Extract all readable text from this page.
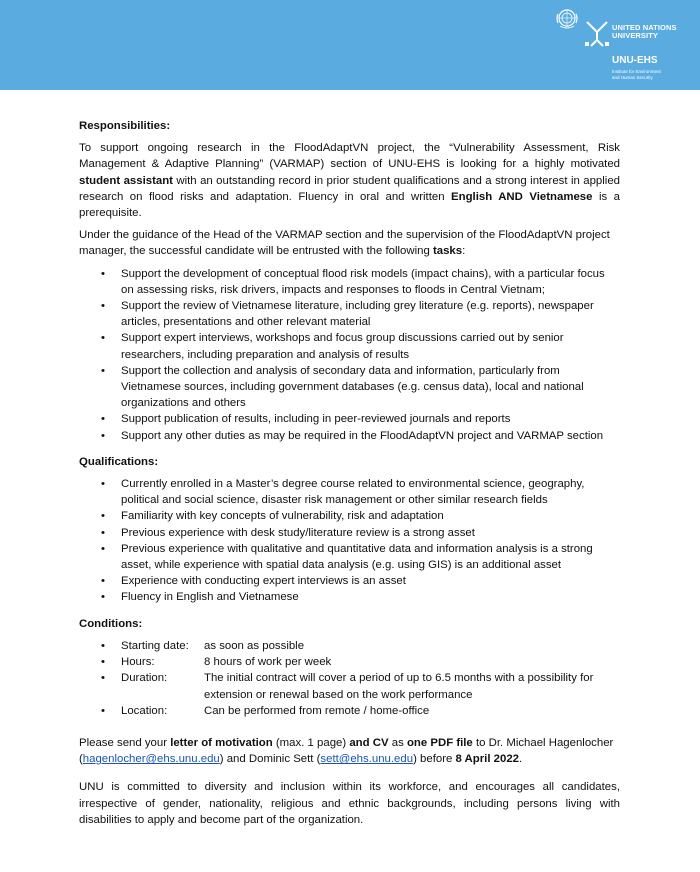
UNITED NATIONS
UNIVERSITY
UNU-EHS
Institute for Environment
and Human Security
Responsibilities:

To support ongoing research in the FloodAdaptVN project, the “Vulnerability Assessment, Risk Management & Adaptive Planning” (VARMAP) section of UNU-EHS is looking for a highly motivated student assistant with an outstanding record in prior student qualifications and a strong interest in applied research on flood risks and adaptation. Fluency in oral and written English AND Vietnamese is a prerequisite.

Under the guidance of the Head of the VARMAP section and the supervision of the FloodAdaptVN project manager, the successful candidate will be entrusted with the following tasks:

• Support the development of conceptual flood risk models (impact chains), with a particular focus on assessing risks, risk drivers, impacts and responses to floods in Central Vietnam;
• Support the review of Vietnamese literature, including grey literature (e.g. reports), newspaper articles, presentations and other relevant material
• Support expert interviews, workshops and focus group discussions carried out by senior researchers, including preparation and analysis of results
• Support the collection and analysis of secondary data and information, particularly from Vietnamese sources, including government databases (e.g. census data), local and national organizations and others
• Support publication of results, including in peer-reviewed journals and reports
• Support any other duties as may be required in the FloodAdaptVN project and VARMAP section
Qualifications:
• Currently enrolled in a Master’s degree course related to environmental science, geography, political and social science, disaster risk management or other similar research fields
• Familiarity with key concepts of vulnerability, risk and adaptation
• Previous experience with desk study/literature review is a strong asset
• Previous experience with qualitative and quantitative data and information analysis is a strong asset, while experience with spatial data analysis (e.g. using GIS) is an additional asset
• Experience with conducting expert interviews is an asset
• Fluency in English and Vietnamese
Conditions:
• Starting date:	as soon as possible
• Hours:	8 hours of work per week
• Duration:	The initial contract will cover a period of up to 6.5 months with a possibility for extension or renewal based on the work performance
• Location:	Can be performed from remote / home-office

Please send your letter of motivation (max. 1 page) and CV as one PDF file to Dr. Michael Hagenlocher (hagenlocher@ehs.unu.edu) and Dominic Sett (sett@ehs.unu.edu) before 8 April 2022.

UNU is committed to diversity and inclusion within its workforce, and encourages all candidates, irrespective of gender, nationality, religious and ethnic backgrounds, including persons living with disabilities to apply and become part of the organization.
